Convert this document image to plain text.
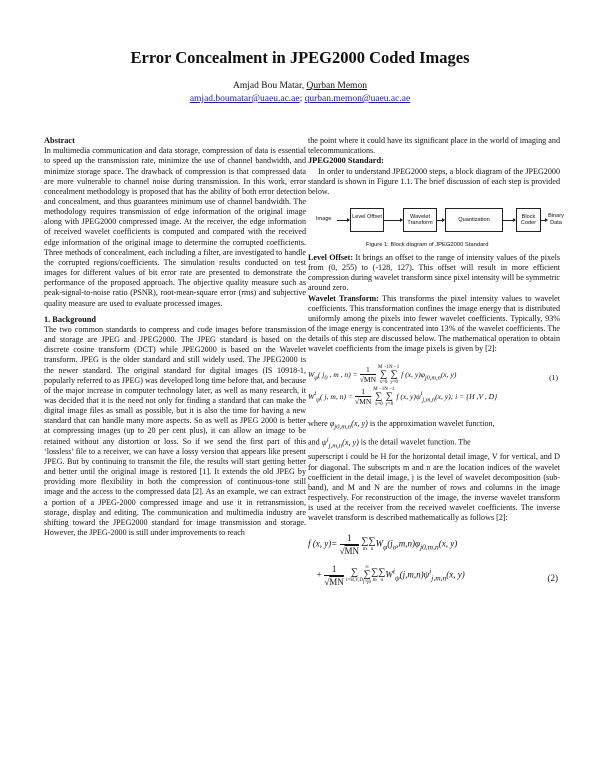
Error Concealment in JPEG2000 Coded Images
Amjad Bou Matar, Qurban Memon
amjad.boumatar@uaeu.ac.ae; qurban.memon@uaeu.ac.ae
Abstract

In multimedia communication and data storage, compression of data is essential to speed up the transmission rate, minimize the use of channel bandwidth, and minimize storage space. The drawback of compression is that compressed data are more vulnerable to channel noise during transmission. In this work, error concealment methodology is proposed that has the ability of both error detection and concealment, and thus guarantees minimum use of channel bandwidth. The methodology requires transmission of edge information of the original image along with JPEG2000 compressed image. At the receiver, the edge information of received wavelet coefficients is computed and compared with the received edge information of the original image to determine the corrupted coefficients. Three methods of concealment, each including a filter, are investigated to handle the corrupted regions/coefficients. The simulation results conducted on test images for different values of bit error rate are presented to demonstrate the performance of the proposed approach. The objective quality measure such as peak-signal-to-noise ratio (PSNR), root-mean-square error (rms) and subjective quality measure are used to evaluate processed images.

1. Background

The two common standards to compress and code images before transmission and storage are JPEG and JPEG2000. The JPEG standard is based on the discrete cosine transform (DCT) while JPEG2000 is based on the Wavelet transform. JPEG is the older standard and still widely used. The JPEG2000 is the newer standard. The original standard for digital images (IS 10918-1, popularly referred to as JPEG) was developed long time before that, and because of the major increase in computer technology later, as well as many research, it was decided that it is the need not only for finding a standard that can make the digital image files as small as possible, but it is also the time for having a new standard that can handle many more aspects. So as well as JPEG 2000 is better at compressing images (up to 20 per cent plus), it can allow an image to be retained without any distortion or loss. So if we send the first part of this ‘lossless’ file to a receiver, we can have a lossy version that appears like present JPEG. But by continuing to transmit the file, the results will start getting better and better until the original image is restored [1]. It extends the old JPEG by providing more flexibility in both the compression of continuous-tone still image and the access to the compressed data [2]. As an example, we can extract a portion of a JPEG-2000 compressed image and use it in retransmission, storage, display and editing. The communication and multimedia industry are shifting toward the JPEG2000 standard for image transmission and storage. However, the JPEG-2000 is still under improvements to reach

the point where it could have its significant place in the world of imaging and telecommunications.

JPEG2000 Standard:

In order to understand JPEG2000 steps, a block diagram of the JPEG2000 standard is shown in Figure 1.1. The brief discussion of each step is provided below.

Image	Level Offset	Wavelet Transform
Quantization	Block Coder
Binary Data
Figure 1: Block diagram of JPEG2000 Standard

Level Offset: It brings an offset to the range of intensity values of the pixels from (0, 255) to (-128, 127). This offset will result in more efficient compression during wavelet transform since pixel intensity will be symmetric around zero.

Wavelet Transform: This transforms the pixel intensity values to wavelet coefficients. This transformation confines the image energy that is distributed uniformly among the pixels into fewer wavelet coefficients. Typically, 93% of the image energy is concentrated into 13% of the wavelet coefficients. The details of this step are discussed below. The mathematical operation to obtain wavelet coefficients from the image pixels is given by [2]:

$W_\varphi$( $j_0$ , m , $n) = \frac{1}{√MN}$ M −1
∑
x=0N −1
∑
y=0 f (x, $y)\varphi_{j0,m,n}(x$, y)	(1)
$W^i_\psi$( j, m, $n) = \frac{1}{√MN}$ M −1
∑
x=0N −1
∑
y=0 f (x, $y)\psi^i_{j,m,n}(x$, y); i = {H ,V , D}

where $\varphi_{j0,m,n}(x$, y) is the approximation wavelet function,

and $\psi^i_{j,m,n}(x$, y) is the detail wavelet function. The

superscript i could be H for the horizontal detail image, V for vertical, and D for diagonal. The subscripts m and n are the location indices of the wavelet coefficient in the detail image, j is the level of wavelet decomposition (sub-band), and M and N are the number of rows and columns in the image respectively. For reconstruction of the image, the inverse wavelet transform is used at the receiver from the received wavelet coefficients. The inverse wavelet transform is described mathematically as follows [2]:

f (x, $y)= \frac{1}{√MN}$
∑
m
∑
$nW_\varphi(j_o,m,n)\varphi_{j0,m,n}(x$, y)
+ $\frac{1}{√MN}$
∑
i=H,V,D∞
∑
j=j0
∑
m
∑
$nW^i_\psi(j,m,n)\psi^i_{j,m,n}(x$, y)	(2)
